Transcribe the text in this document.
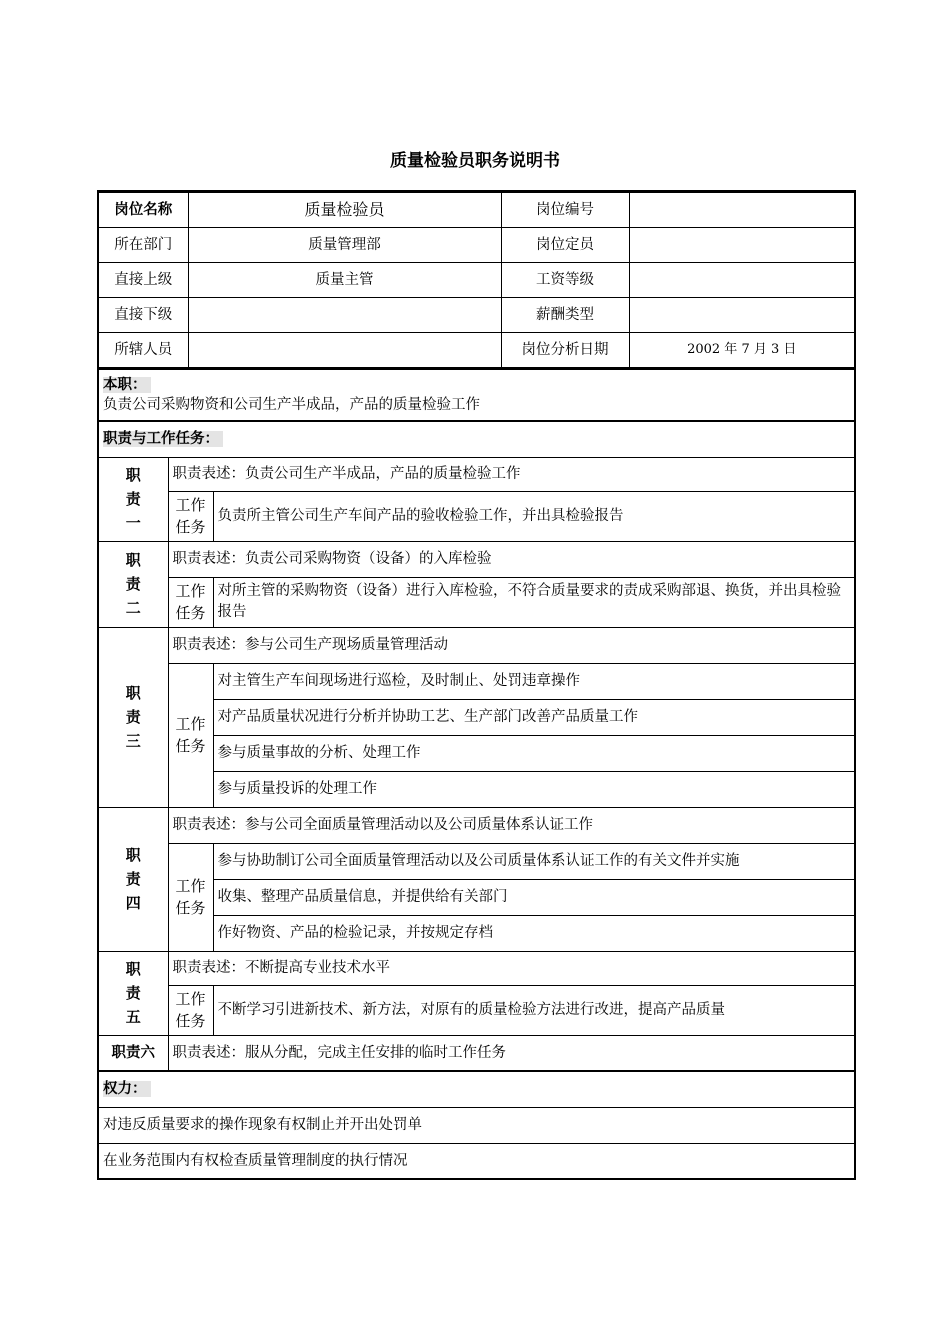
质量检验员职务说明书
岗位名称	质量检验员	岗位编号	
所在部门	质量管理部	岗位定员	
直接上级	质量主管	工资等级	
直接下级		薪酬类型	
所辖人员		岗位分析日期	2002 年 7 月 3 日
本职：
负责公司采购物资和公司生产半成品，产品的质量检验工作		

职责与工作任务：		

职责一	职责表述：负责公司生产半成品，产品的质量检验工作	

	工作任务	负责所主管公司生产车间产品的验收检验工作，并出具检验报告

职责二	职责表述：负责公司采购物资（设备）的入库检验	

	工作任务	对所主管的采购物资（设备）进行入库检验，不符合质量要求的责成采购部退、换货，并出具检验报告

职责三	职责表述：参与公司生产现场质量管理活动	

	工作任务	对主管生产车间现场进行巡检，及时制止、处罚违章操作
		对产品质量状况进行分析并协助工艺、生产部门改善产品质量工作
		参与质量事故的分析、处理工作
		参与质量投诉的处理工作

职责四	职责表述：参与公司全面质量管理活动以及公司质量体系认证工作	

	工作任务	参与协助制订公司全面质量管理活动以及公司质量体系认证工作的有关文件并实施
		收集、整理产品质量信息，并提供给有关部门
		作好物资、产品的检验记录，并按规定存档

职责五	职责表述：不断提高专业技术水平	

	工作任务	不断学习引进新技术、新方法，对原有的质量检验方法进行改进，提高产品质量
职责六	职责表述：服从分配，完成主任安排的临时工作任务	

权力：		

对违反质量要求的操作现象有权制止并开出处罚单		
在业务范围内有权检查质量管理制度的执行情况		
